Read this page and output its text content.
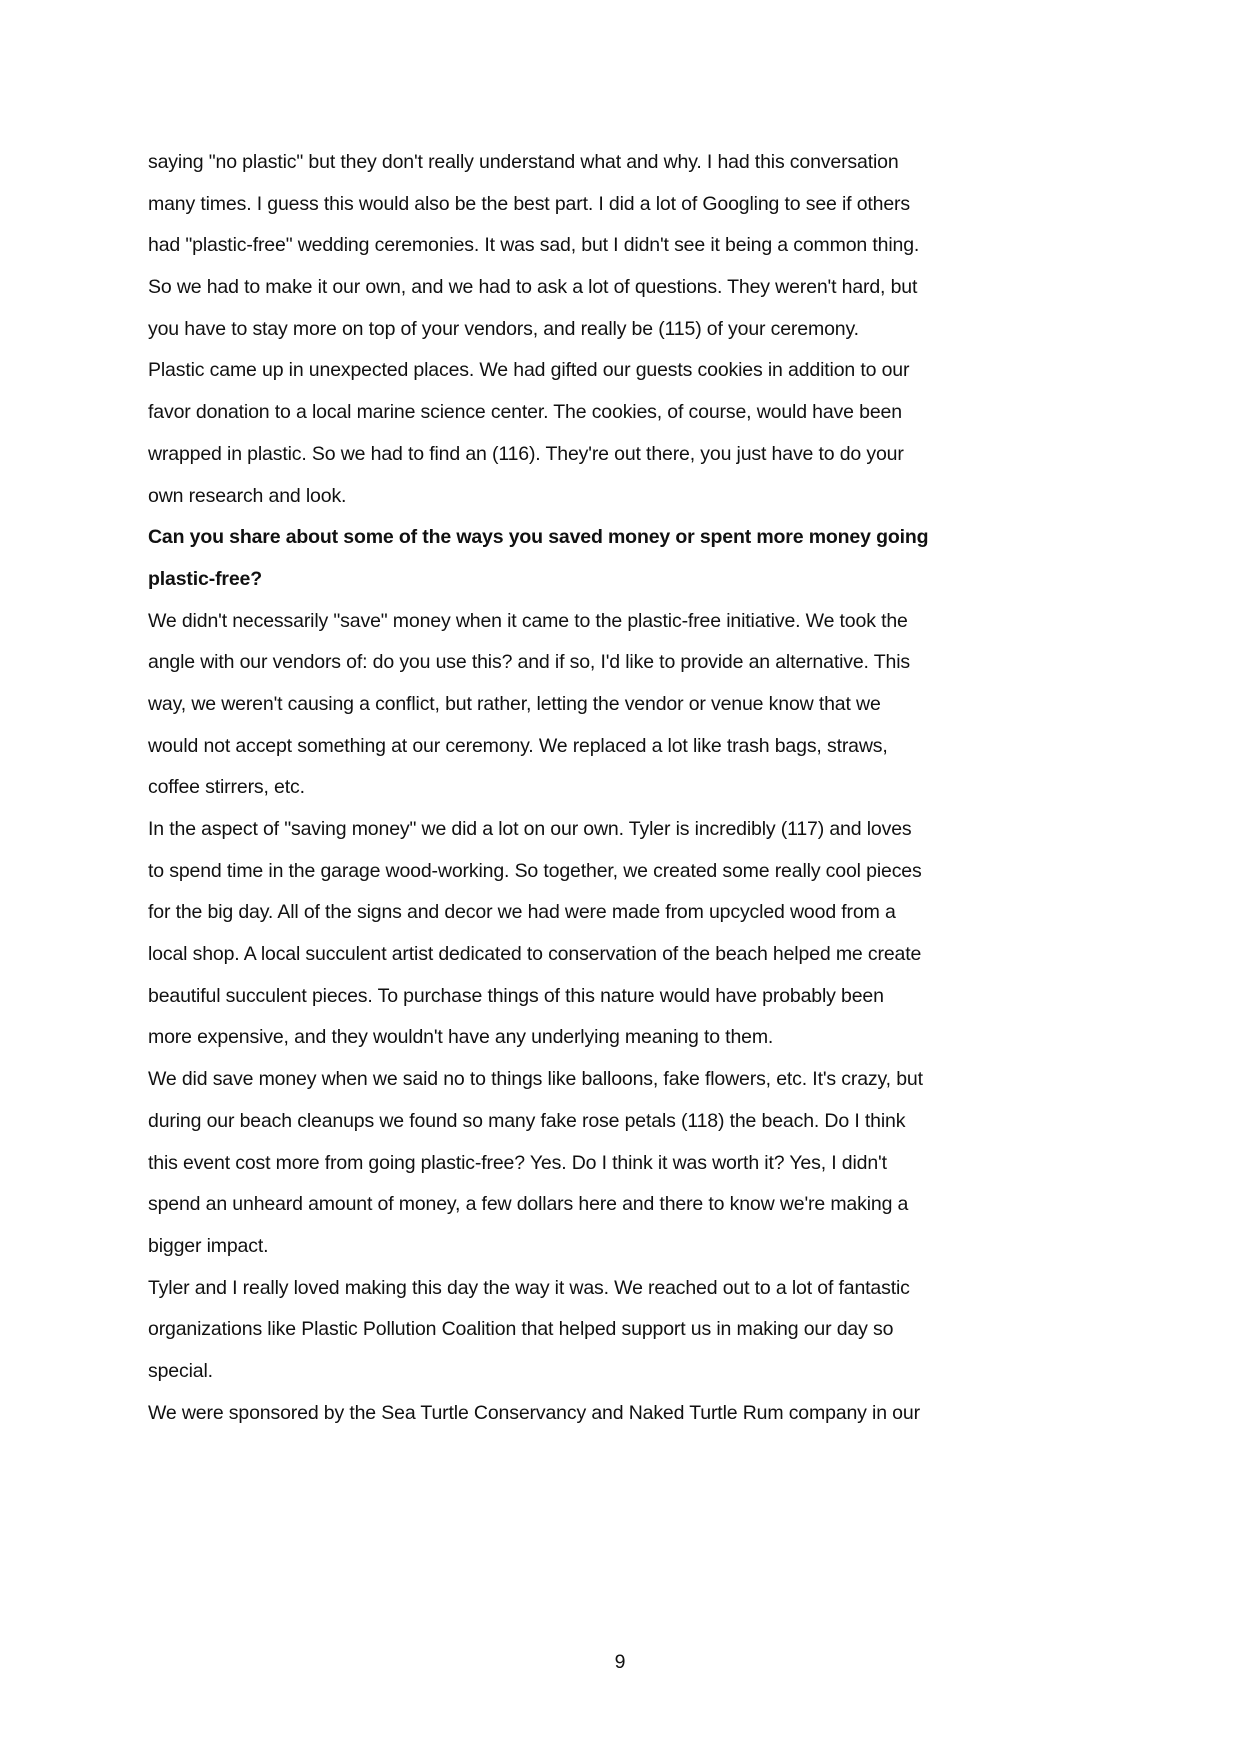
saying "no plastic" but they don't really understand what and why. I had this conversation
many times. I guess this would also be the best part. I did a lot of Googling to see if others
had "plastic-free" wedding ceremonies. It was sad, but I didn't see it being a common thing.
So we had to make it our own, and we had to ask a lot of questions. They weren't hard, but
you have to stay more on top of your vendors, and really be (115) of your ceremony.
Plastic came up in unexpected places. We had gifted our guests cookies in addition to our
favor donation to a local marine science center. The cookies, of course, would have been
wrapped in plastic. So we had to find an (116). They're out there, you just have to do your
own research and look.
Can you share about some of the ways you saved money or spent more money going
plastic-free?
We didn't necessarily "save" money when it came to the plastic-free initiative. We took the
angle with our vendors of: do you use this? and if so, I'd like to provide an alternative. This
way, we weren't causing a conflict, but rather, letting the vendor or venue know that we
would not accept something at our ceremony. We replaced a lot like trash bags, straws,
coffee stirrers, etc.
In the aspect of "saving money" we did a lot on our own. Tyler is incredibly (117) and loves
to spend time in the garage wood-working. So together, we created some really cool pieces
for the big day. All of the signs and decor we had were made from upcycled wood from a
local shop. A local succulent artist dedicated to conservation of the beach helped me create
beautiful succulent pieces. To purchase things of this nature would have probably been
more expensive, and they wouldn't have any underlying meaning to them.
We did save money when we said no to things like balloons, fake flowers, etc. It's crazy, but
during our beach cleanups we found so many fake rose petals (118) the beach. Do I think
this event cost more from going plastic-free? Yes. Do I think it was worth it? Yes, I didn't
spend an unheard amount of money, a few dollars here and there to know we're making a
bigger impact.
Tyler and I really loved making this day the way it was. We reached out to a lot of fantastic
organizations like Plastic Pollution Coalition that helped support us in making our day so
special.
We were sponsored by the Sea Turtle Conservancy and Naked Turtle Rum company in our
9
